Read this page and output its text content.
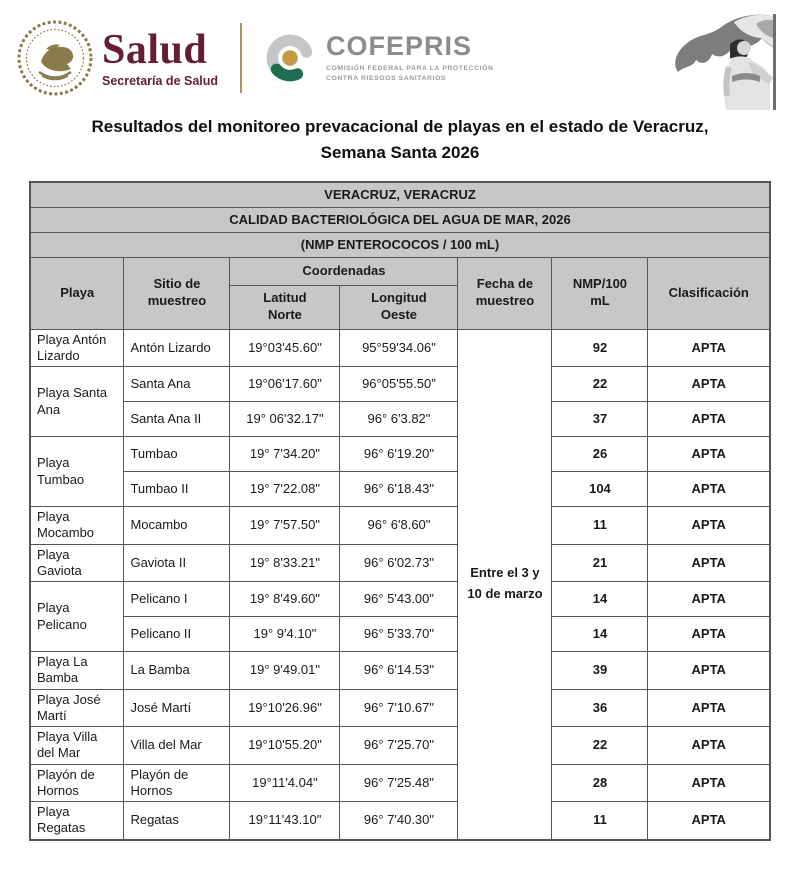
Salud
Secretaría de Salud
COFEPRIS
COMISIÓN FEDERAL PARA LA PROTECCIÓN
CONTRA RIESGOS SANITARIOS
Resultados del monitoreo prevacacional de playas en el estado de Veracruz,
Semana Santa 2026
VERACRUZ, VERACRUZ						
CALIDAD BACTERIOLÓGICA DEL AGUA DE MAR, 2026						
(NMP ENTEROCOCOS / 100 mL)						
Playa	Sitio de muestreo	Coordenadas		Fecha de muestreo	NMP/100 mL	Clasificación
		Latitud Norte	Longitud Oeste			
Playa Antón Lizardo	Antón Lizardo	19°03'45.60"	95°59'34.06"	Entre el 3 y 10 de marzo	92	APTA
Playa Santa Ana	Santa Ana	19°06'17.60"	96°05'55.50"		22	APTA
	Santa Ana II	19° 06'32.17"	96° 6'3.82"		37	APTA
Playa Tumbao	Tumbao	19° 7'34.20"	96° 6'19.20"		26	APTA
	Tumbao II	19° 7'22.08"	96° 6'18.43"		104	APTA
Playa Mocambo	Mocambo	19° 7'57.50"	96° 6'8.60"		11	APTA
Playa Gaviota	Gaviota II	19° 8'33.21"	96° 6'02.73"		21	APTA
Playa Pelicano	Pelicano I	19° 8'49.60"	96° 5'43.00"		14	APTA
	Pelicano II	19° 9'4.10"	96° 5'33.70"		14	APTA
Playa La Bamba	La Bamba	19° 9'49.01"	96° 6'14.53"		39	APTA
Playa José Martí	José Martí	19°10'26.96"	96° 7'10.67"		36	APTA
Playa Villa del Mar	Villa del Mar	19°10'55.20"	96° 7'25.70"		22	APTA
Playón de Hornos	Playón de Hornos	19°11'4.04"	96° 7'25.48"		28	APTA
Playa Regatas	Regatas	19°11'43.10"	96° 7'40.30"		11	APTA
